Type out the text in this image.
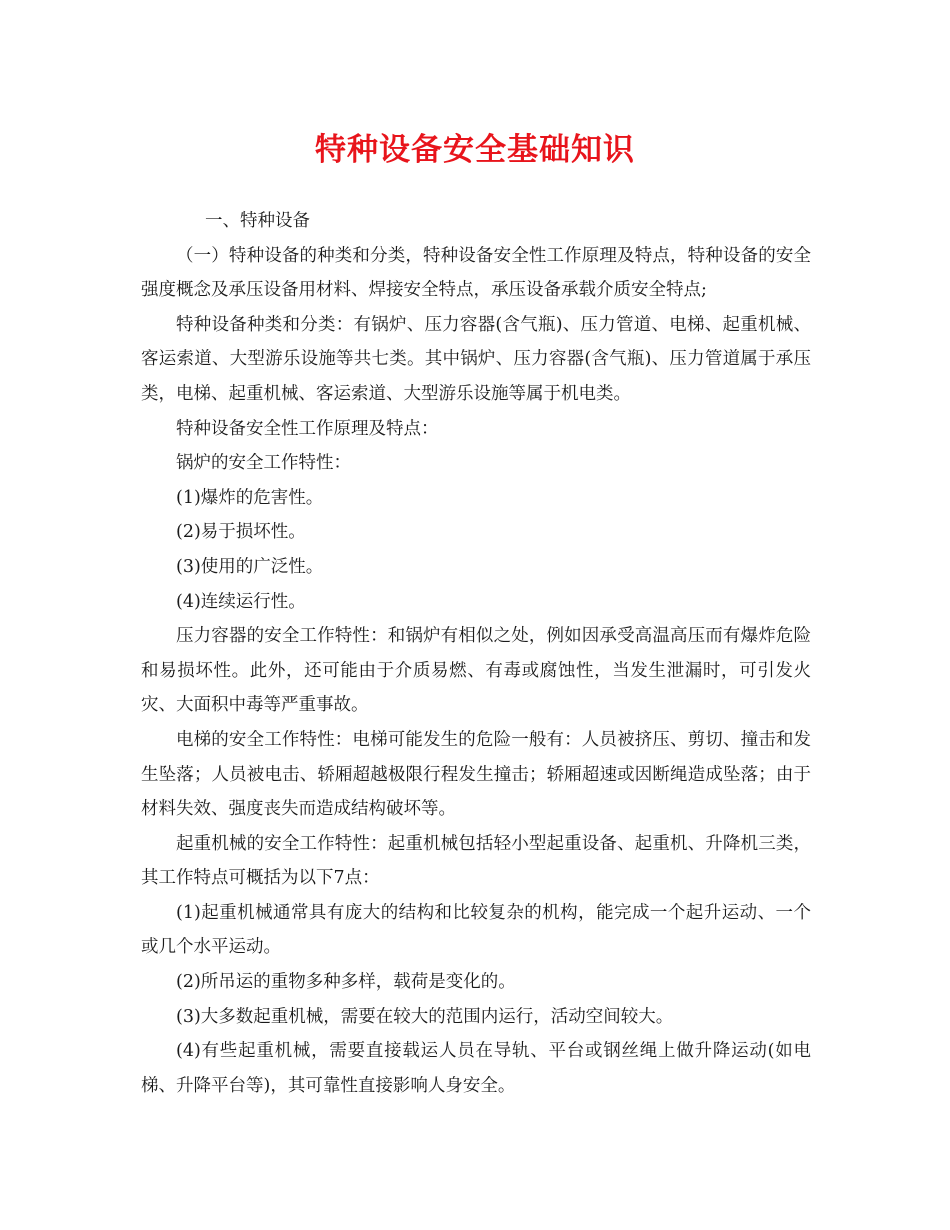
特种设备安全基础知识

一、特种设备

（一）特种设备的种类和分类，特种设备安全性工作原理及特点，特种设备的安全强度概念及承压设备用材料、焊接安全特点，承压设备承载介质安全特点;

特种设备种类和分类：有锅炉、压力容器(含气瓶)、压力管道、电梯、起重机械、客运索道、大型游乐设施等共七类。其中锅炉、压力容器(含气瓶)、压力管道属于承压类，电梯、起重机械、客运索道、大型游乐设施等属于机电类。

特种设备安全性工作原理及特点：

锅炉的安全工作特性：

(1)爆炸的危害性。

(2)易于损坏性。

(3)使用的广泛性。

(4)连续运行性。

压力容器的安全工作特性：和锅炉有相似之处，例如因承受高温高压而有爆炸危险和易损坏性。此外，还可能由于介质易燃、有毒或腐蚀性，当发生泄漏时，可引发火灾、大面积中毒等严重事故。

电梯的安全工作特性：电梯可能发生的危险一般有：人员被挤压、剪切、撞击和发生坠落；人员被电击、轿厢超越极限行程发生撞击；轿厢超速或因断绳造成坠落；由于材料失效、强度丧失而造成结构破坏等。

起重机械的安全工作特性：起重机械包括轻小型起重设备、起重机、升降机三类，其工作特点可概括为以下7点：

(1)起重机械通常具有庞大的结构和比较复杂的机构，能完成一个起升运动、一个或几个水平运动。

(2)所吊运的重物多种多样，载荷是变化的。

(3)大多数起重机械，需要在较大的范围内运行，活动空间较大。

(4)有些起重机械，需要直接载运人员在导轨、平台或钢丝绳上做升降运动(如电梯、升降平台等)，其可靠性直接影响人身安全。
